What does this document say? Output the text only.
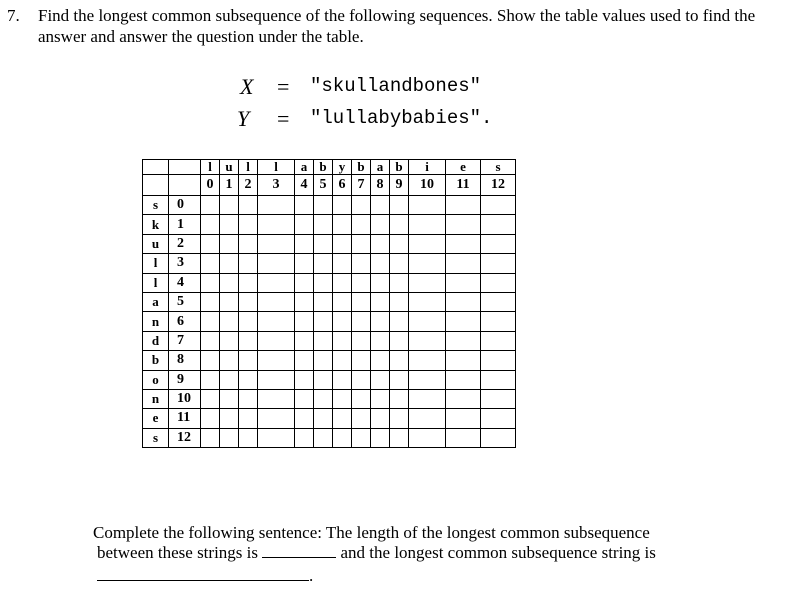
7. Find the longest common subsequence of the following sequences. Show the table values used to find the answer and answer the question under the table.
X = "skullandbones"
Y = "lullabybabies".
		l	u	l	l	a	b	y	b	a	b	i	e	s
		0	1	2	3	4	5	6	7	8	9	10	11	12
s	0													
k	1													
u	2													
l	3													
l	4													
a	5													
n	6													
d	7													
b	8													
o	9													
n	10													
e	11													
s	12													
Complete the following sentence: The length of the longest common subsequence
between these strings is	and the longest common subsequence string is
.
